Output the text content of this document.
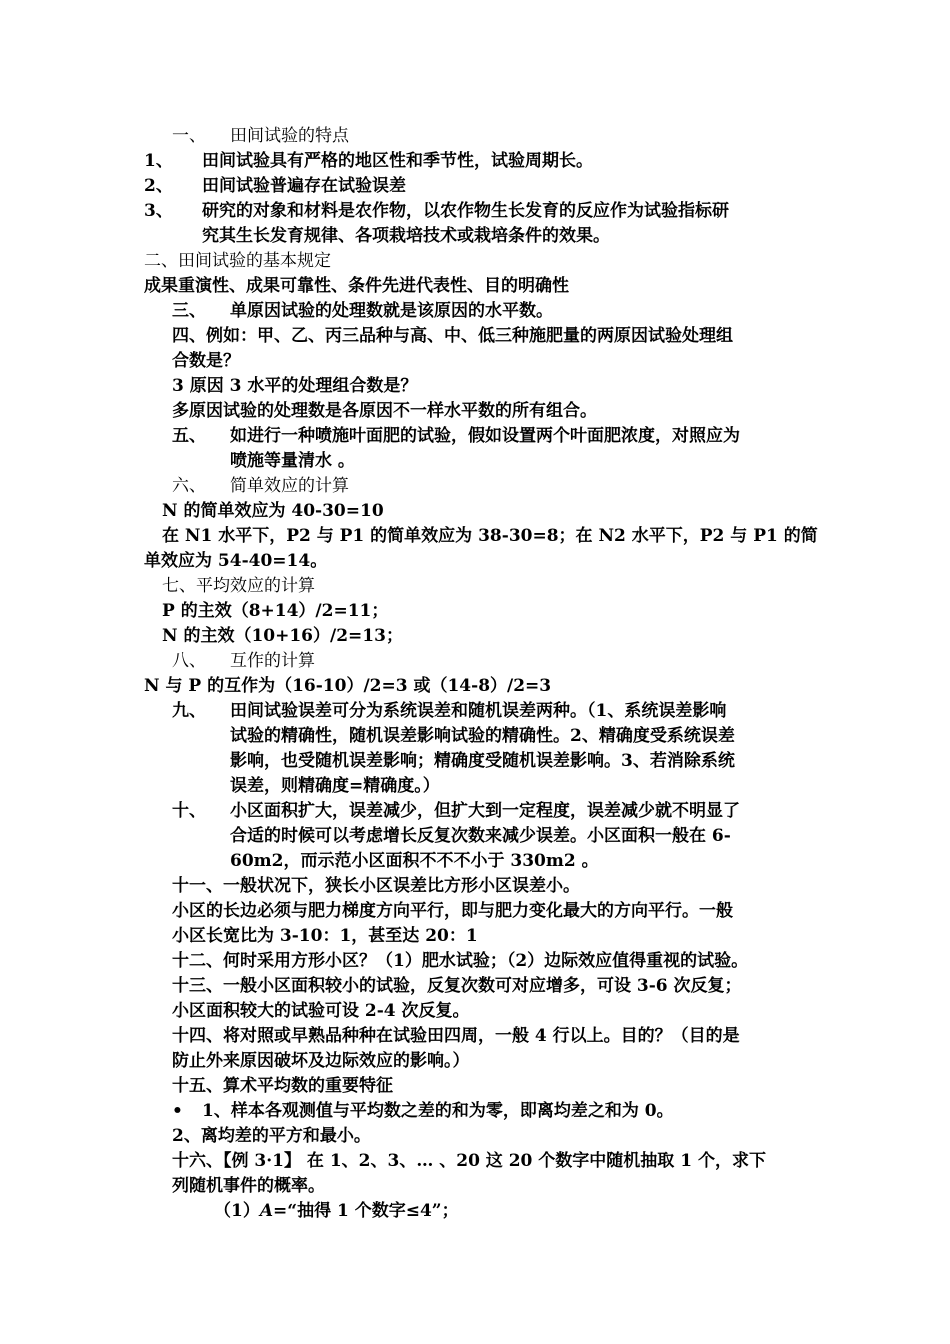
一、 田间试验的特点
1、 田间试验具有严格的地区性和季节性，试验周期长。
2、 田间试验普遍存在试验误差
3、 研究的对象和材料是农作物，以农作物生长发育的反应作为试验指标研
究其生长发育规律、各项栽培技术或栽培条件的效果。
二、田间试验的基本规定
成果重演性、成果可靠性、条件先进代表性、目的明确性
三、 单原因试验的处理数就是该原因的水平数。
四、例如：甲、乙、丙三品种与高、中、低三种施肥量的两原因试验处理组
合数是？
3 原因 3 水平的处理组合数是？
多原因试验的处理数是各原因不一样水平数的所有组合。
五、 如进行一种喷施叶面肥的试验，假如设置两个叶面肥浓度，对照应为
喷施等量清水 。
六、 简单效应的计算
N 的简单效应为 40-30=10
在 N1 水平下，P2 与 P1 的简单效应为 38-30=8；在 N2 水平下，P2 与 P1 的简
单效应为 54-40=14。
七、平均效应的计算
P 的主效（8+14）/2=11；
N 的主效（10+16）/2=13；
八、 互作的计算
N 与 P 的互作为（16-10）/2=3 或（14-8）/2=3
九、 田间试验误差可分为系统误差和随机误差两种。（1、系统误差影响
试验的精确性，随机误差影响试验的精确性。2、精确度受系统误差
影响，也受随机误差影响；精确度受随机误差影响。3、若消除系统
误差，则精确度=精确度。）
十、 小区面积扩大，误差减少，但扩大到一定程度，误差减少就不明显了
合适的时候可以考虑增长反复次数来减少误差。小区面积一般在 6-
60m2，而示范小区面积不不不小于 330m2 。
十一、一般状况下，狭长小区误差比方形小区误差小。
小区的长边必须与肥力梯度方向平行，即与肥力变化最大的方向平行。一般
小区长宽比为 3-10：1，甚至达 20：1
十二、何时采用方形小区？（1）肥水试验；（2）边际效应值得重视的试验。
十三、一般小区面积较小的试验，反复次数可对应增多，可设 3-6 次反复；
小区面积较大的试验可设 2-4 次反复。
十四、将对照或早熟品种种在试验田四周，一般 4 行以上。目的？（目的是
防止外来原因破坏及边际效应的影响。）
十五、算术平均数的重要特征
• 1、样本各观测值与平均数之差的和为零，即离均差之和为 0。
2、离均差的平方和最小。
十六、【例 3·1】 在 1、2、3、… 、20 这 20 个数字中随机抽取 1 个，求下
列随机事件的概率。
（1）A=“抽得 1 个数字≤4”；
